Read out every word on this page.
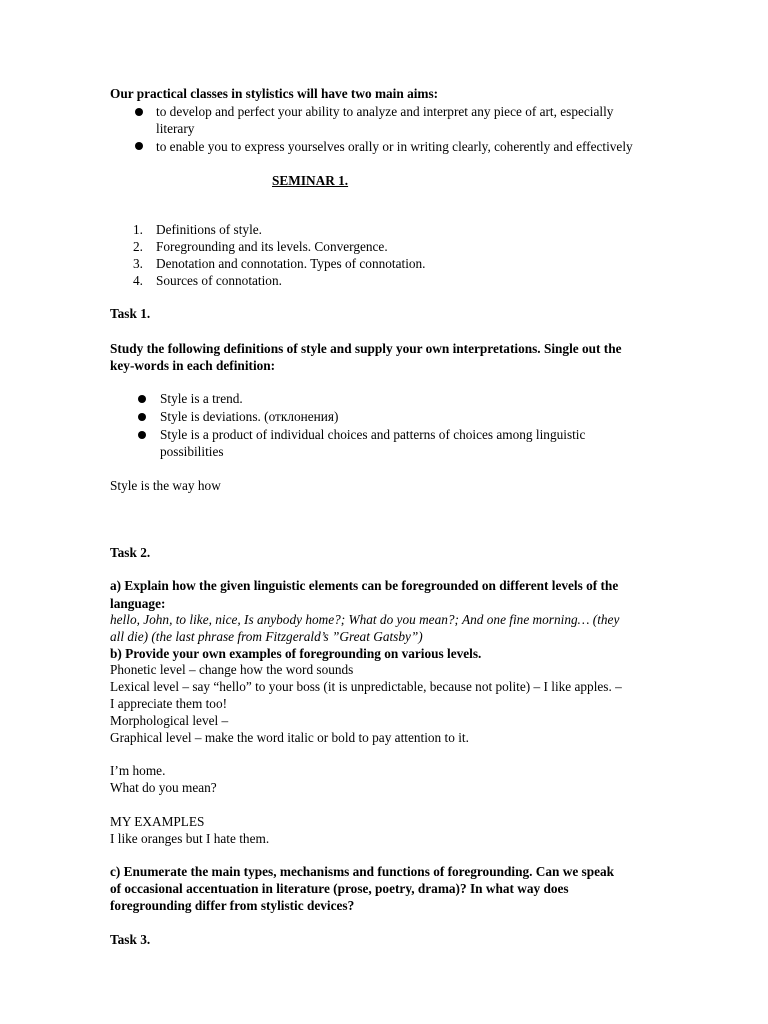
Our practical classes in stylistics will have two main aims:
to develop and perfect your ability to analyze and interpret any piece of art, especially
literary
to enable you to express yourselves orally or in writing clearly, coherently and effectively
SEMINAR 1.
1. Definitions of style.
2. Foregrounding and its levels. Convergence.
3. Denotation and connotation. Types of connotation.
4. Sources of connotation.
Task 1.
Study the following definitions of style and supply your own interpretations. Single out the
key-words in each definition:
Style is a trend.
Style is deviations. (отклонения)
Style is a product of individual choices and patterns of choices among linguistic
possibilities
Style is the way how
Task 2.
a) Explain how the given linguistic elements can be foregrounded on different levels of the
language:
hello, John, to like, nice, Is anybody home?; What do you mean?; And one fine morning… (they
all die) (the last phrase from Fitzgerald’s ”Great Gatsby”)
b) Provide your own examples of foregrounding on various levels.
Phonetic level – change how the word sounds
Lexical level – say “hello” to your boss (it is unpredictable, because not polite) – I like apples. –
I appreciate them too!
Morphological level –
Graphical level – make the word italic or bold to pay attention to it.
I’m home.
What do you mean?
MY EXAMPLES
I like oranges but I hate them.
c) Enumerate the main types, mechanisms and functions of foregrounding. Can we speak
of occasional accentuation in literature (prose, poetry, drama)? In what way does
foregrounding differ from stylistic devices?
Task 3.
